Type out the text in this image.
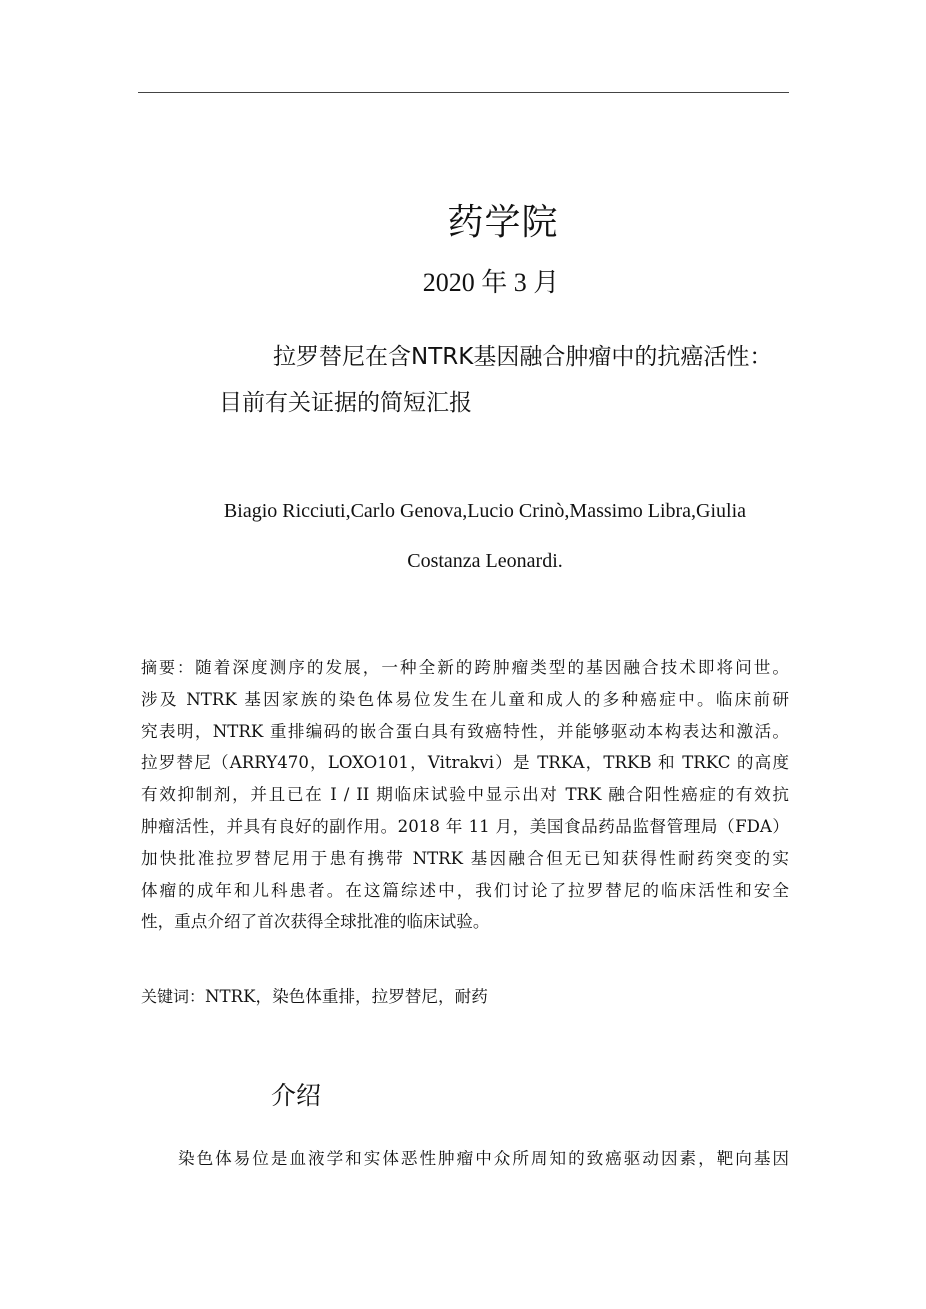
药学院
2020 年 3 月
拉罗替尼在含NTRK基因融合肿瘤中的抗癌活性：
目前有关证据的简短汇报
Biagio Ricciuti,Carlo Genova,Lucio Crinò,Massimo Libra,Giulia
Costanza Leonardi.
摘要：随着深度测序的发展，一种全新的跨肿瘤类型的基因融合技术即将问世。
涉及 NTRK 基因家族的染色体易位发生在儿童和成人的多种癌症中。临床前研
究表明，NTRK 重排编码的嵌合蛋白具有致癌特性，并能够驱动本构表达和激活。
拉罗替尼（ARRY470，LOXO101，Vitrakvi）是 TRKA，TRKB 和 TRKC 的高度
有效抑制剂，并且已在 I / II 期临床试验中显示出对 TRK 融合阳性癌症的有效抗
肿瘤活性，并具有良好的副作用。2018 年 11 月，美国食品药品监督管理局（FDA）
加快批准拉罗替尼用于患有携带 NTRK 基因融合但无已知获得性耐药突变的实
体瘤的成年和儿科患者。在这篇综述中，我们讨论了拉罗替尼的临床活性和安全
性，重点介绍了首次获得全球批准的临床试验。
关键词：NTRK，染色体重排，拉罗替尼，耐药
介绍
染色体易位是血液学和实体恶性肿瘤中众所周知的致癌驱动因素，靶向基因
